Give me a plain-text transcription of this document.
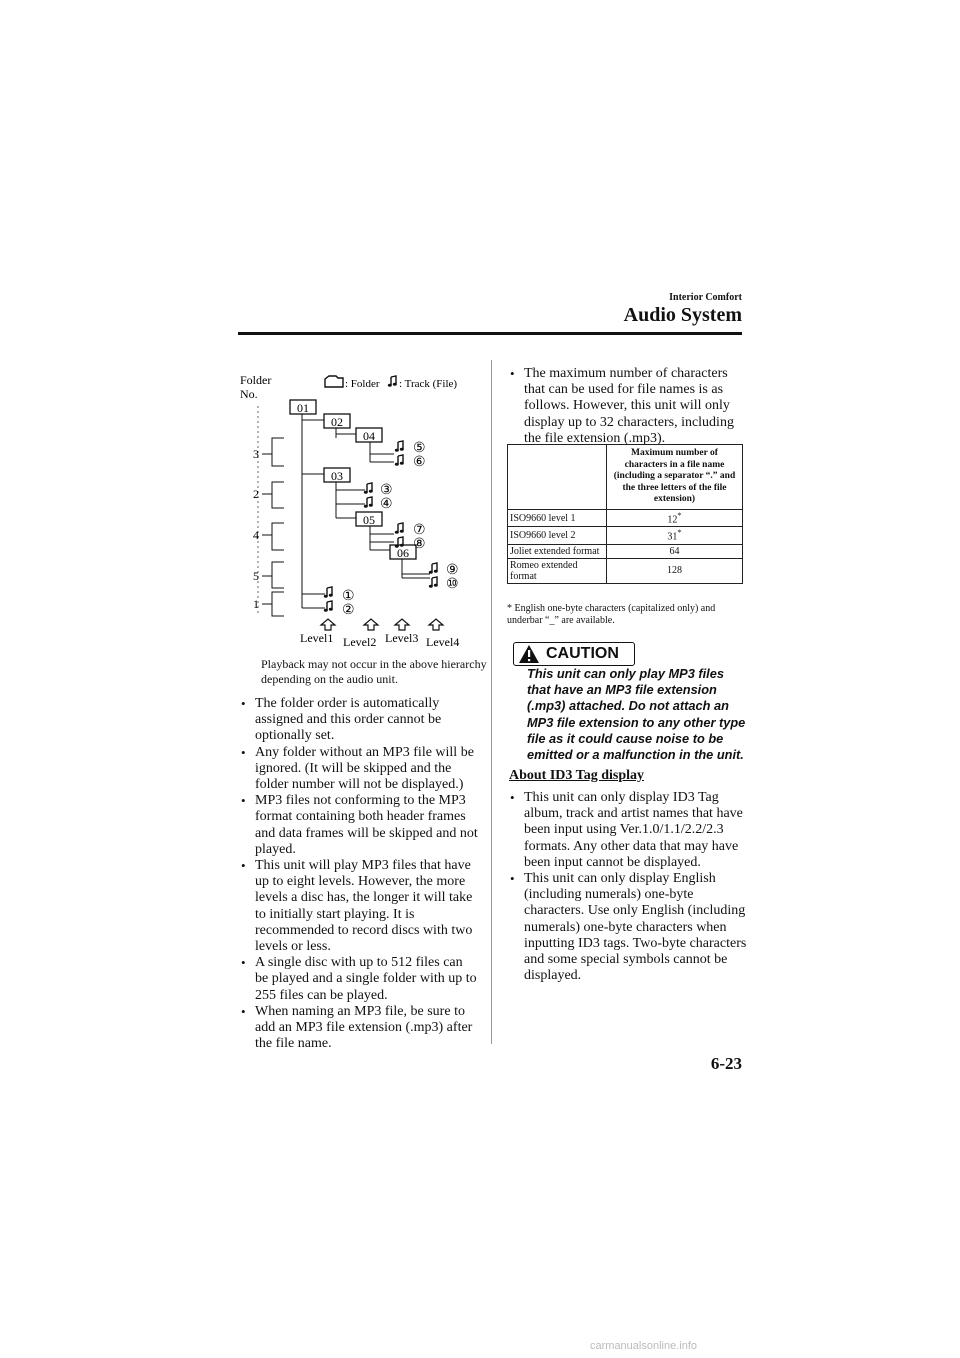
Interior Comfort
Audio System
Folder
No.
: Folder : Track (File)
01
02
04
03
05
06
①
②
③
④
⑤
⑥
⑦
⑧
⑨
⑩
3
2
4
5
1
Level1 Level2 Level3 Level4
Playback may not occur in the above hierarchy depending on the audio unit.
• The folder order is automatically assigned and this order cannot be optionally set.
• Any folder without an MP3 file will be ignored. (It will be skipped and the folder number will not be displayed.)
• MP3 files not conforming to the MP3 format containing both header frames and data frames will be skipped and not played.
• This unit will play MP3 files that have up to eight levels. However, the more levels a disc has, the longer it will take to initially start playing. It is recommended to record discs with two levels or less.
• A single disc with up to 512 files can be played and a single folder with up to 255 files can be played.
• When naming an MP3 file, be sure to add an MP3 file extension (.mp3) after the file name.
• The maximum number of characters that can be used for file names is as follows. However, this unit will only display up to 32 characters, including the file extension (.mp3).
	Maximum number of characters in a file name (including a separator “.” and the three letters of the file extension)
ISO9660 level 1	12*
ISO9660 level 2	31*
Joliet extended format	64
Romeo extended format	128
* English one-byte characters (capitalized only) and underbar “_” are available.
CAUTION
This unit can only play MP3 files that have an MP3 file extension (.mp3) attached. Do not attach an MP3 file extension to any other type file as it could cause noise to be emitted or a malfunction in the unit.
About ID3 Tag display
• This unit can only display ID3 Tag album, track and artist names that have been input using Ver.1.0/1.1/2.2/2.3 formats. Any other data that may have been input cannot be displayed.
• This unit can only display English (including numerals) one-byte characters. Use only English (including numerals) one-byte characters when inputting ID3 tags. Two-byte characters and some special symbols cannot be displayed.
6-23
carmanualsonline.info
